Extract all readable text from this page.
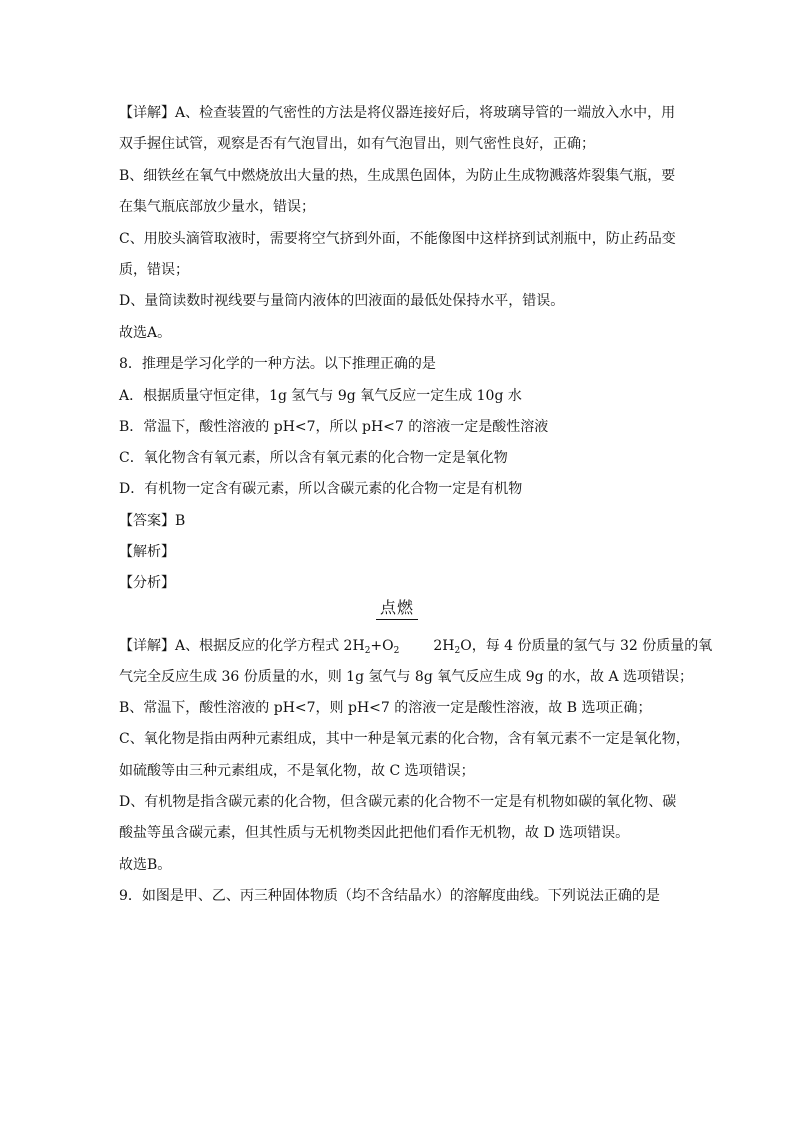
【详解】A、检查装置的气密性的方法是将仪器连接好后，将玻璃导管的一端放入水中，用
双手握住试管，观察是否有气泡冒出，如有气泡冒出，则气密性良好，正确；
B、细铁丝在氧气中燃烧放出大量的热，生成黑色固体，为防止生成物溅落炸裂集气瓶，要
在集气瓶底部放少量水，错误；
C、用胶头滴管取液时，需要将空气挤到外面，不能像图中这样挤到试剂瓶中，防止药品变
质，错误；
D、量筒读数时视线要与量筒内液体的凹液面的最低处保持水平，错误。
故选A。
8．推理是学习化学的一种方法。以下推理正确的是
A．根据质量守恒定律，1g 氢气与 9g 氧气反应一定生成 10g 水
B．常温下，酸性溶液的 pH<7，所以 pH<7 的溶液一定是酸性溶液
C．氧化物含有氧元素，所以含有氧元素的化合物一定是氧化物
D．有机物一定含有碳元素，所以含碳元素的化合物一定是有机物
【答案】B
【解析】
【分析】
点燃
【详解】A、根据反应的化学方程式 $2H_2+O_2$ $2H_2O$，每 4 份质量的氢气与 32 份质量的氧
气完全反应生成 36 份质量的水，则 1g 氢气与 8g 氧气反应生成 9g 的水，故 A 选项错误；
B、常温下，酸性溶液的 pH<7，则 pH<7 的溶液一定是酸性溶液，故 B 选项正确；
C、氧化物是指由两种元素组成，其中一种是氧元素的化合物，含有氧元素不一定是氧化物，
如硫酸等由三种元素组成，不是氧化物，故 C 选项错误；
D、有机物是指含碳元素的化合物，但含碳元素的化合物不一定是有机物如碳的氧化物、碳
酸盐等虽含碳元素，但其性质与无机物类因此把他们看作无机物，故 D 选项错误。
故选B。
9．如图是甲、乙、丙三种固体物质（均不含结晶水）的溶解度曲线。下列说法正确的是
